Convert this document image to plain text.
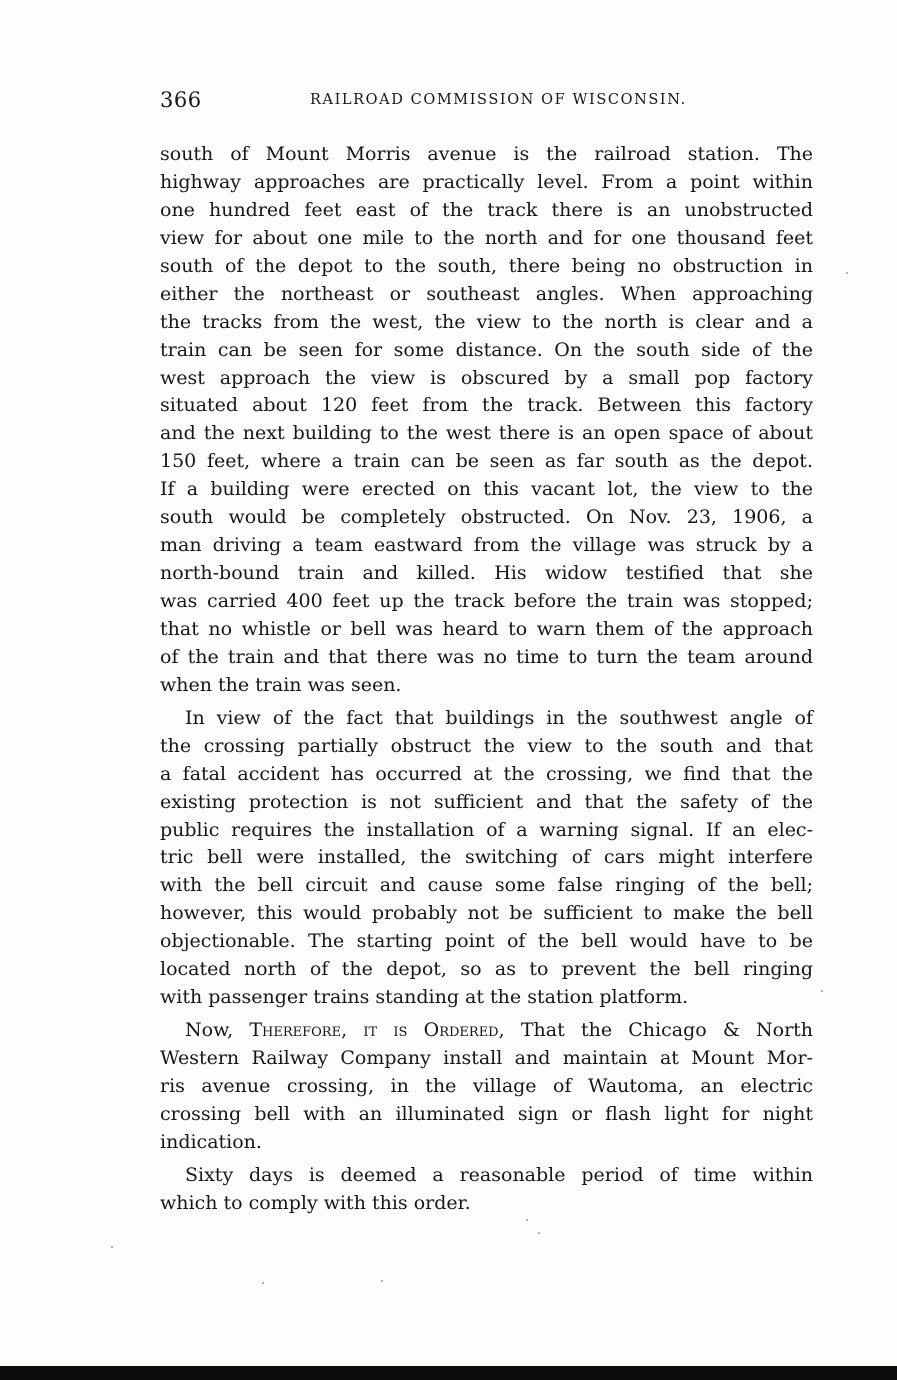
366	RAILROAD COMMISSION OF WISCONSIN.

south of Mount Morris avenue is the railroad station. The
highway approaches are practically level. From a point within
one hundred feet east of the track there is an unobstructed
view for about one mile to the north and for one thousand feet
south of the depot to the south, there being no obstruction in
either the northeast or southeast angles. When approaching
the tracks from the west, the view to the north is clear and a
train can be seen for some distance. On the south side of the
west approach the view is obscured by a small pop factory
situated about 120 feet from the track. Between this factory
and the next building to the west there is an open space of about
150 feet, where a train can be seen as far south as the depot.
If a building were erected on this vacant lot, the view to the
south would be completely obstructed. On Nov. 23, 1906, a
man driving a team eastward from the village was struck by a
north-bound train and killed. His widow testified that she
was carried 400 feet up the track before the train was stopped;
that no whistle or bell was heard to warn them of the approach
of the train and that there was no time to turn the team around
when the train was seen.

In view of the fact that buildings in the southwest angle of
the crossing partially obstruct the view to the south and that
a fatal accident has occurred at the crossing, we find that the
existing protection is not sufficient and that the safety of the
public requires the installation of a warning signal. If an elec-
tric bell were installed, the switching of cars might interfere
with the bell circuit and cause some false ringing of the bell;
however, this would probably not be sufficient to make the bell
objectionable. The starting point of the bell would have to be
located north of the depot, so as to prevent the bell ringing
with passenger trains standing at the station platform.

Now, Therefore, it is Ordered, That the Chicago & North
Western Railway Company install and maintain at Mount Mor-
ris avenue crossing, in the village of Wautoma, an electric
crossing bell with an illuminated sign or flash light for night
indication.

Sixty days is deemed a reasonable period of time within
which to comply with this order.
